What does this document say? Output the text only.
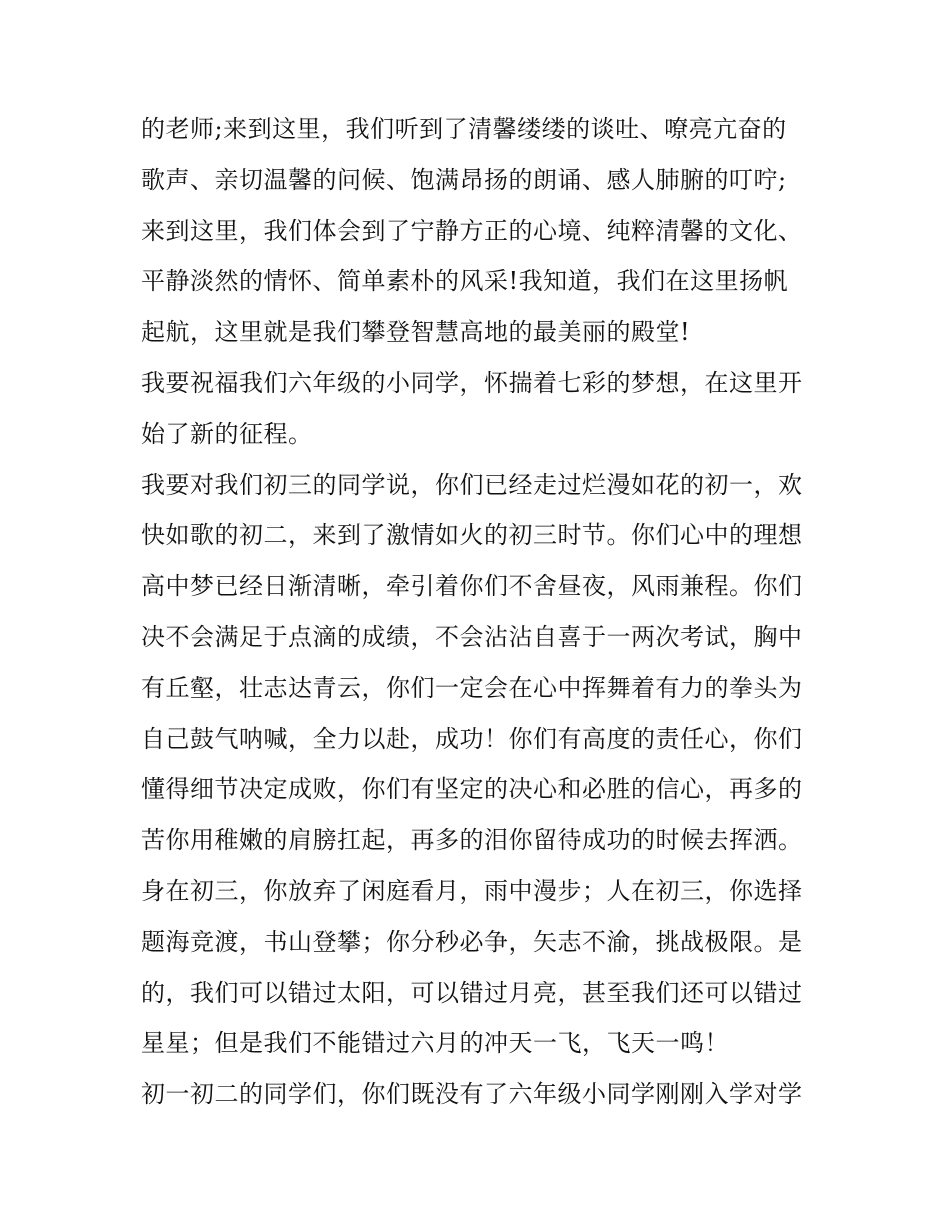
的老师;来到这里，我们听到了清馨缕缕的谈吐、嘹亮亢奋的
歌声、亲切温馨的问候、饱满昂扬的朗诵、感人肺腑的叮咛;
来到这里，我们体会到了宁静方正的心境、纯粹清馨的文化、
平静淡然的情怀、简单素朴的风采!我知道，我们在这里扬帆
起航，这里就是我们攀登智慧高地的最美丽的殿堂!
我要祝福我们六年级的小同学，怀揣着七彩的梦想，在这里开
始了新的征程。
我要对我们初三的同学说，你们已经走过烂漫如花的初一，欢
快如歌的初二，来到了激情如火的初三时节。你们心中的理想
高中梦已经日渐清晰，牵引着你们不舍昼夜，风雨兼程。你们
决不会满足于点滴的成绩，不会沾沾自喜于一两次考试，胸中
有丘壑，壮志达青云，你们一定会在心中挥舞着有力的拳头为
自己鼓气呐喊，全力以赴，成功！你们有高度的责任心，你们
懂得细节决定成败，你们有坚定的决心和必胜的信心，再多的
苦你用稚嫩的肩膀扛起，再多的泪你留待成功的时候去挥洒。
身在初三，你放弃了闲庭看月，雨中漫步；人在初三，你选择
题海竞渡，书山登攀；你分秒必争，矢志不渝，挑战极限。是
的，我们可以错过太阳，可以错过月亮，甚至我们还可以错过
星星；但是我们不能错过六月的冲天一飞，飞天一鸣！
初一初二的同学们，你们既没有了六年级小同学刚刚入学对学
